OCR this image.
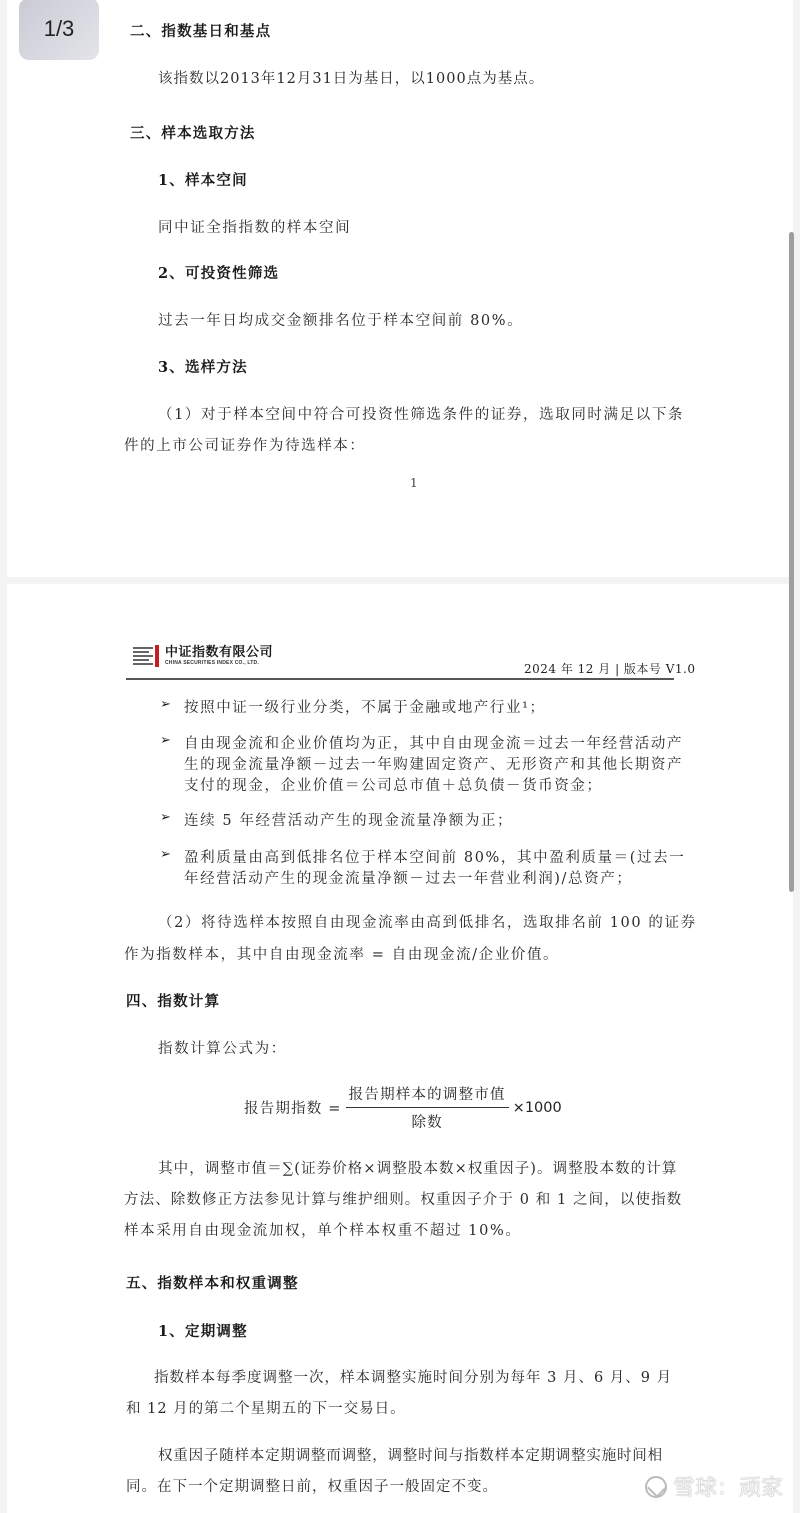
1/3	二、指数基日和基点
该指数以2013年12月31日为基日，以1000点为基点。
三、样本选取方法
1、样本空间
同中证全指指数的样本空间
2、可投资性筛选
过去一年日均成交金额排名位于样本空间前 80%。
3、选样方法
（1）对于样本空间中符合可投资性筛选条件的证券，选取同时满足以下条
件的上市公司证券作为待选样本：
1
中证指数有限公司
CHINA SECURITIES INDEX CO., LTD.	2024 年 12 月 | 版本号 V1.0
➢ 按照中证一级行业分类，不属于金融或地产行业¹；
➢ 自由现金流和企业价值均为正，其中自由现金流＝过去一年经营活动产
生的现金流量净额－过去一年购建固定资产、无形资产和其他长期资产
支付的现金，企业价值＝公司总市值＋总负债－货币资金；
➢ 连续 5 年经营活动产生的现金流量净额为正；
➢ 盈利质量由高到低排名位于样本空间前 80%，其中盈利质量＝(过去一
年经营活动产生的现金流量净额－过去一年营业利润)/总资产；
（2）将待选样本按照自由现金流率由高到低排名，选取排名前 100 的证券
作为指数样本，其中自由现金流率 = 自由现金流/企业价值。
四、指数计算
指数计算公式为：
报告期指数 = $\frac{\text{报告期样本的调整市值}}{\text{除数}} \times 1000$
其中，调整市值＝∑(证券价格×调整股本数×权重因子)。调整股本数的计算
方法、除数修正方法参见计算与维护细则。权重因子介于 0 和 1 之间，以使指数
样本采用自由现金流加权，单个样本权重不超过 10%。
五、指数样本和权重调整
1、定期调整
指数样本每季度调整一次，样本调整实施时间分别为每年 3 月、6 月、9 月
和 12 月的第二个星期五的下一交易日。
权重因子随样本定期调整而调整，调整时间与指数样本定期调整实施时间相
同。在下一个定期调整日前，权重因子一般固定不变。	雪球：顽家
